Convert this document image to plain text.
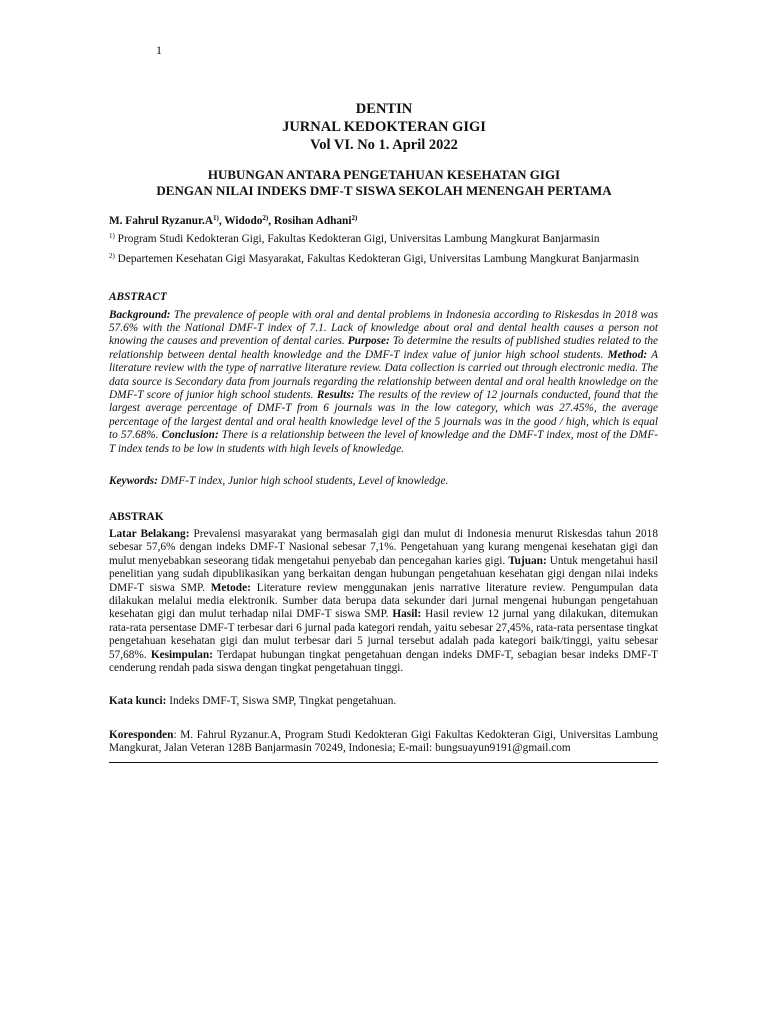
1
DENTIN
JURNAL KEDOKTERAN GIGI
Vol VI. No 1. April 2022
HUBUNGAN ANTARA PENGETAHUAN KESEHATAN GIGI
DENGAN NILAI INDEKS DMF-T SISWA SEKOLAH MENENGAH PERTAMA

M. Fahrul $Ryzanur.A^{1)}$, Widodo$^{2)}$, Rosihan Adhani$^{2)}$

$^{1)}$ Program Studi Kedokteran Gigi, Fakultas Kedokteran Gigi, Universitas Lambung Mangkurat Banjarmasin

$^{2)}$ Departemen Kesehatan Gigi Masyarakat, Fakultas Kedokteran Gigi, Universitas Lambung Mangkurat Banjarmasin

ABSTRACT

Background: The prevalence of people with oral and dental problems in Indonesia according to Riskesdas in 2018 was 57.6% with the National DMF-T index of 7.1. Lack of knowledge about oral and dental health causes a person not knowing the causes and prevention of dental caries. Purpose: To determine the results of published studies related to the relationship between dental health knowledge and the DMF-T index value of junior high school students. Method: A literature review with the type of narrative literature review. Data collection is carried out through electronic media. The data source is Secondary data from journals regarding the relationship between dental and oral health knowledge on the DMF-T score of junior high school students. Results: The results of the review of 12 journals conducted, found that the largest average percentage of DMF-T from 6 journals was in the low category, which was 27.45%, the average percentage of the largest dental and oral health knowledge level of the 5 journals was in the good / high, which is equal to 57.68%. Conclusion: There is a relationship between the level of knowledge and the DMF-T index, most of the DMF-T index tends to be low in students with high levels of knowledge.

Keywords: DMF-T index, Junior high school students, Level of knowledge.

ABSTRAK

Latar Belakang: Prevalensi masyarakat yang bermasalah gigi dan mulut di Indonesia menurut Riskesdas tahun 2018 sebesar 57,6% dengan indeks DMF-T Nasional sebesar 7,1%. Pengetahuan yang kurang mengenai kesehatan gigi dan mulut menyebabkan seseorang tidak mengetahui penyebab dan pencegahan karies gigi. Tujuan: Untuk mengetahui hasil penelitian yang sudah dipublikasikan yang berkaitan dengan hubungan pengetahuan kesehatan gigi dengan nilai indeks DMF-T siswa SMP. Metode: Literature review menggunakan jenis narrative literature review. Pengumpulan data dilakukan melalui media elektronik. Sumber data berupa data sekunder dari jurnal mengenai hubungan pengetahuan kesehatan gigi dan mulut terhadap nilai DMF-T siswa SMP. Hasil: Hasil review 12 jurnal yang dilakukan, ditemukan rata-rata persentase DMF-T terbesar dari 6 jurnal pada kategori rendah, yaitu sebesar 27,45%, rata-rata persentase tingkat pengetahuan kesehatan gigi dan mulut terbesar dari 5 jurnal tersebut adalah pada kategori baik/tinggi, yaitu sebesar 57,68%. Kesimpulan: Terdapat hubungan tingkat pengetahuan dengan indeks DMF-T, sebagian besar indeks DMF-T cenderung rendah pada siswa dengan tingkat pengetahuan tinggi.

Kata kunci: Indeks DMF-T, Siswa SMP, Tingkat pengetahuan.

Koresponden: M. Fahrul Ryzanur.A, Program Studi Kedokteran Gigi Fakultas Kedokteran Gigi, Universitas Lambung Mangkurat, Jalan Veteran 128B Banjarmasin 70249, Indonesia; E-mail: bungsuayun9191@gmail.com
